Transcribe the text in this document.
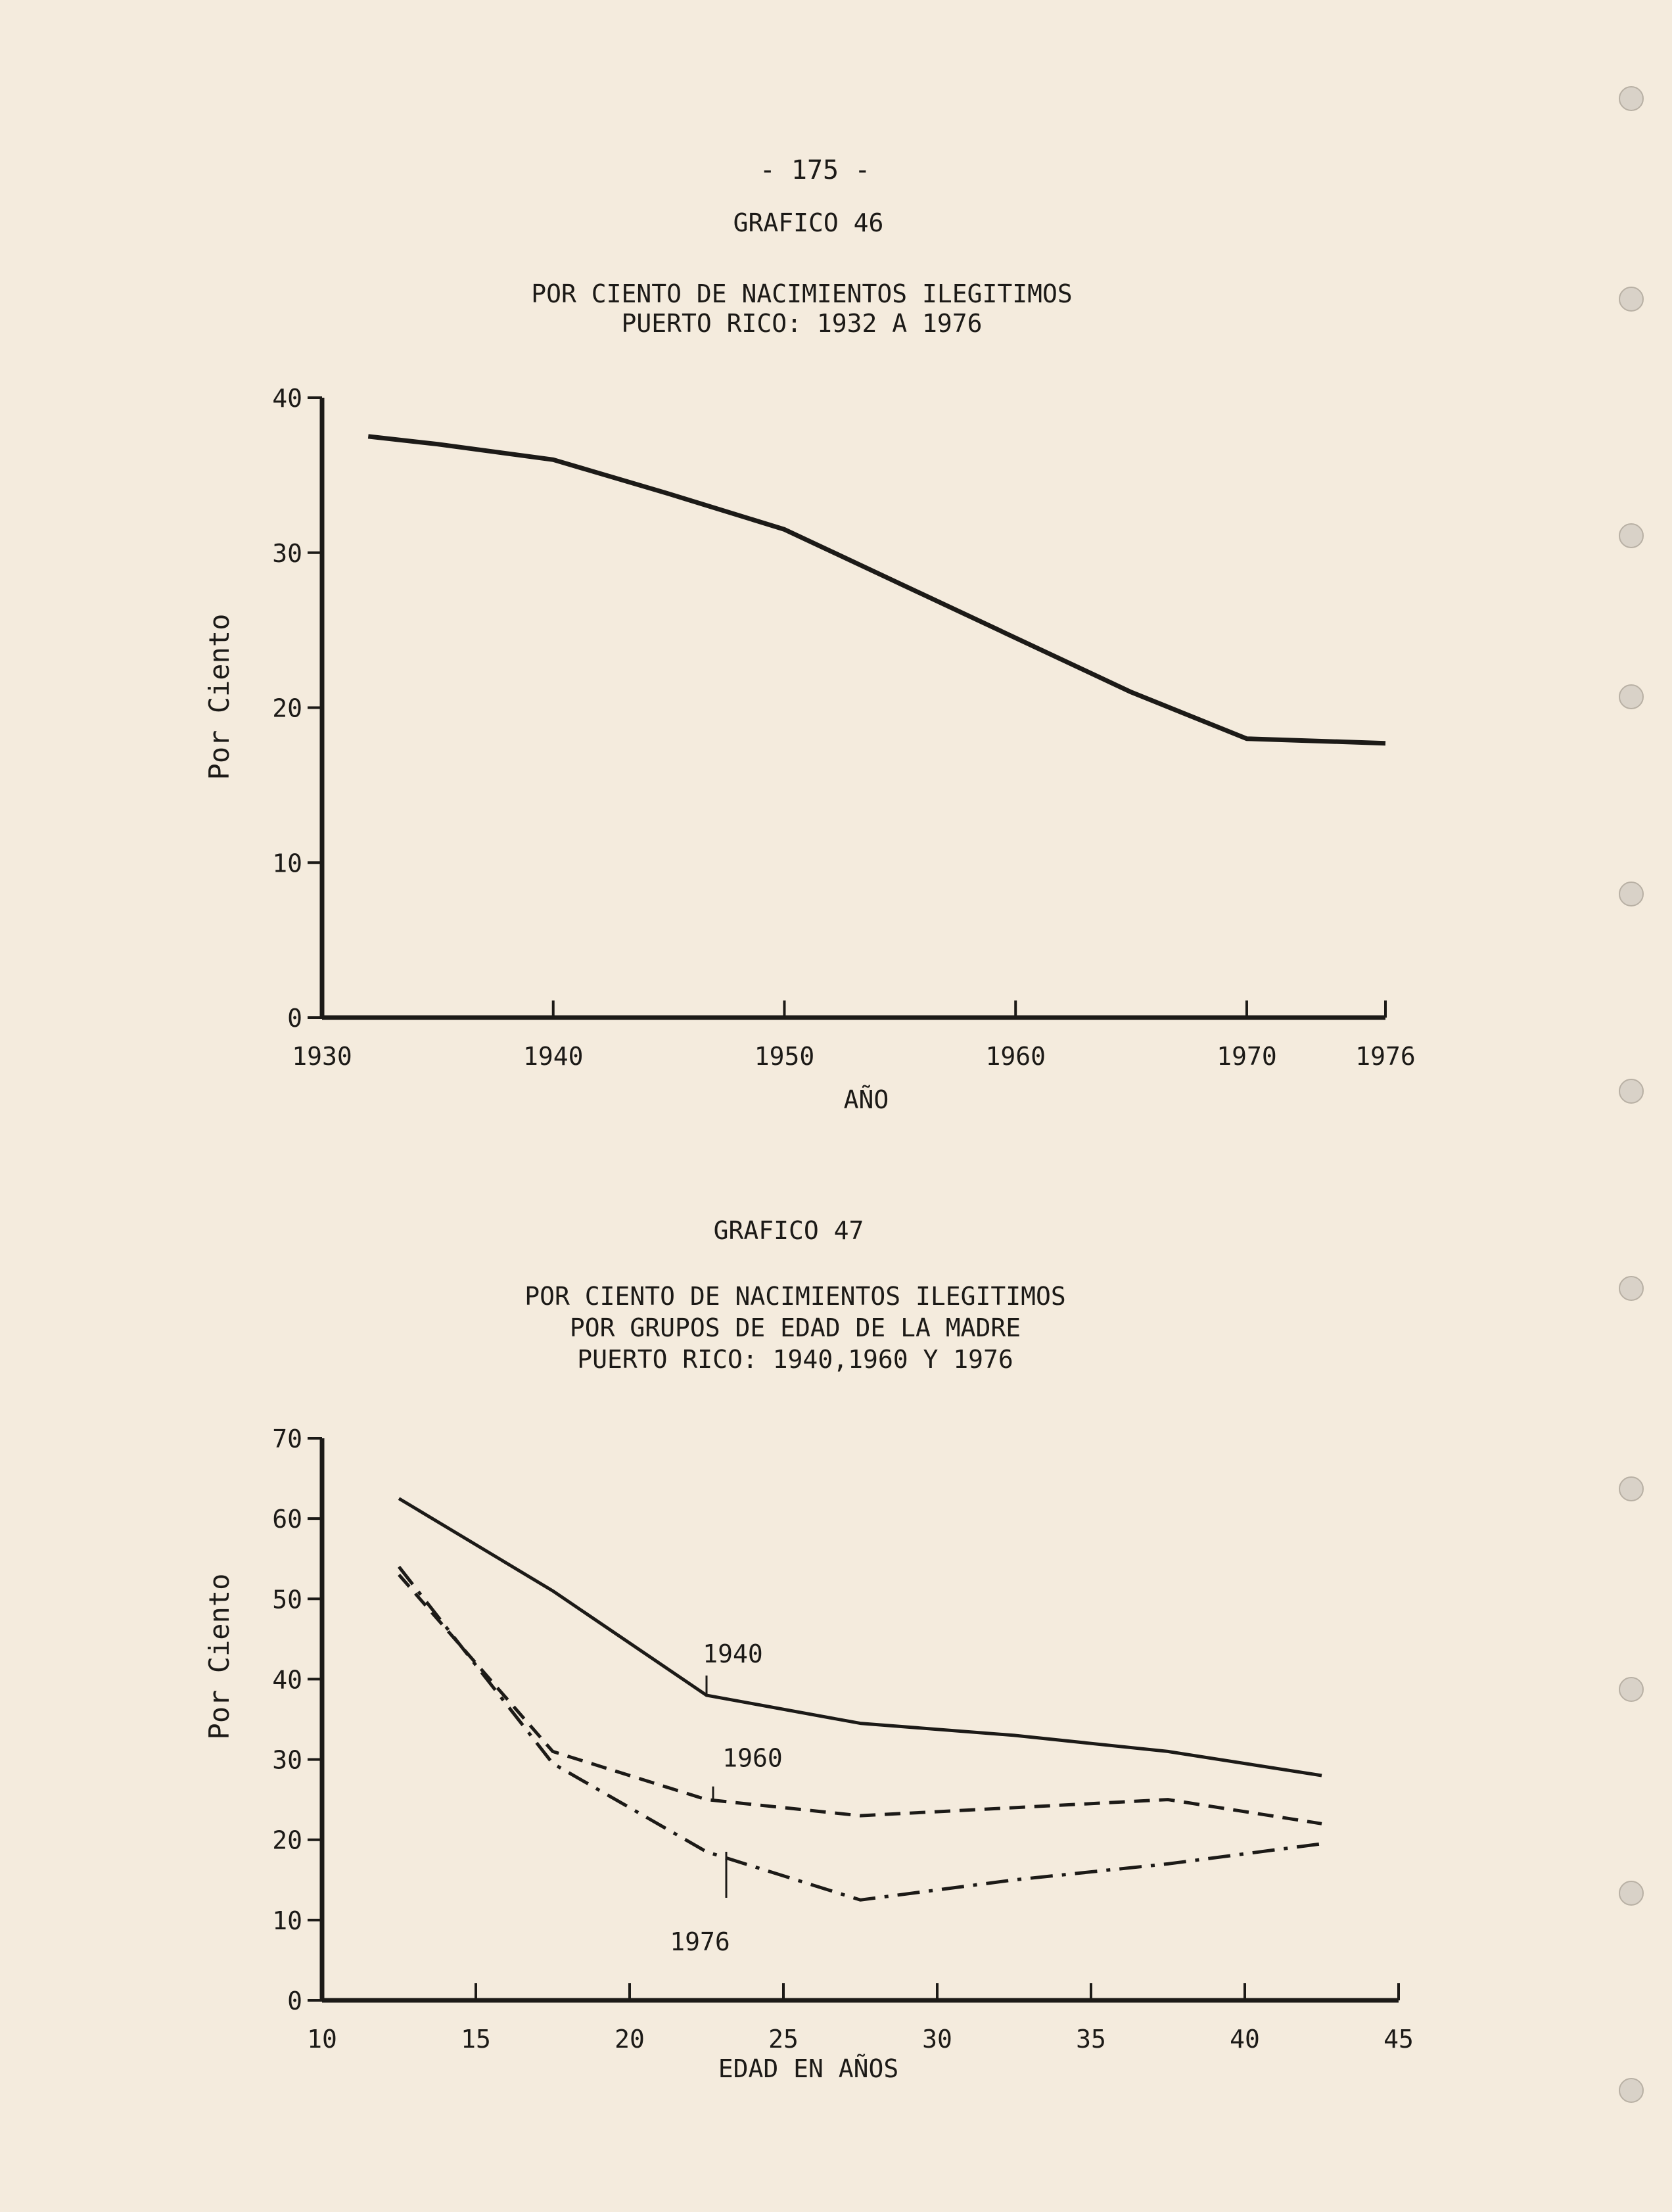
- 175 -
GRAFICO 46
POR CIENTO DE NACIMIENTOS ILEGITIMOS
PUERTO RICO: 1932 A 1976
0
10
20
30
40
1930	1940	1950	1960	1970	1976
Por Ciento
AÑO
GRAFICO 47
POR CIENTO DE NACIMIENTOS ILEGITIMOS
POR GRUPOS DE EDAD DE LA MADRE
PUERTO RICO: 1940,1960 Y 1976
0
10
20
30
40
50
60
70
10	15	20	25	30	35	40	45
1940
1960
1976
Por Ciento
EDAD EN AÑOS
